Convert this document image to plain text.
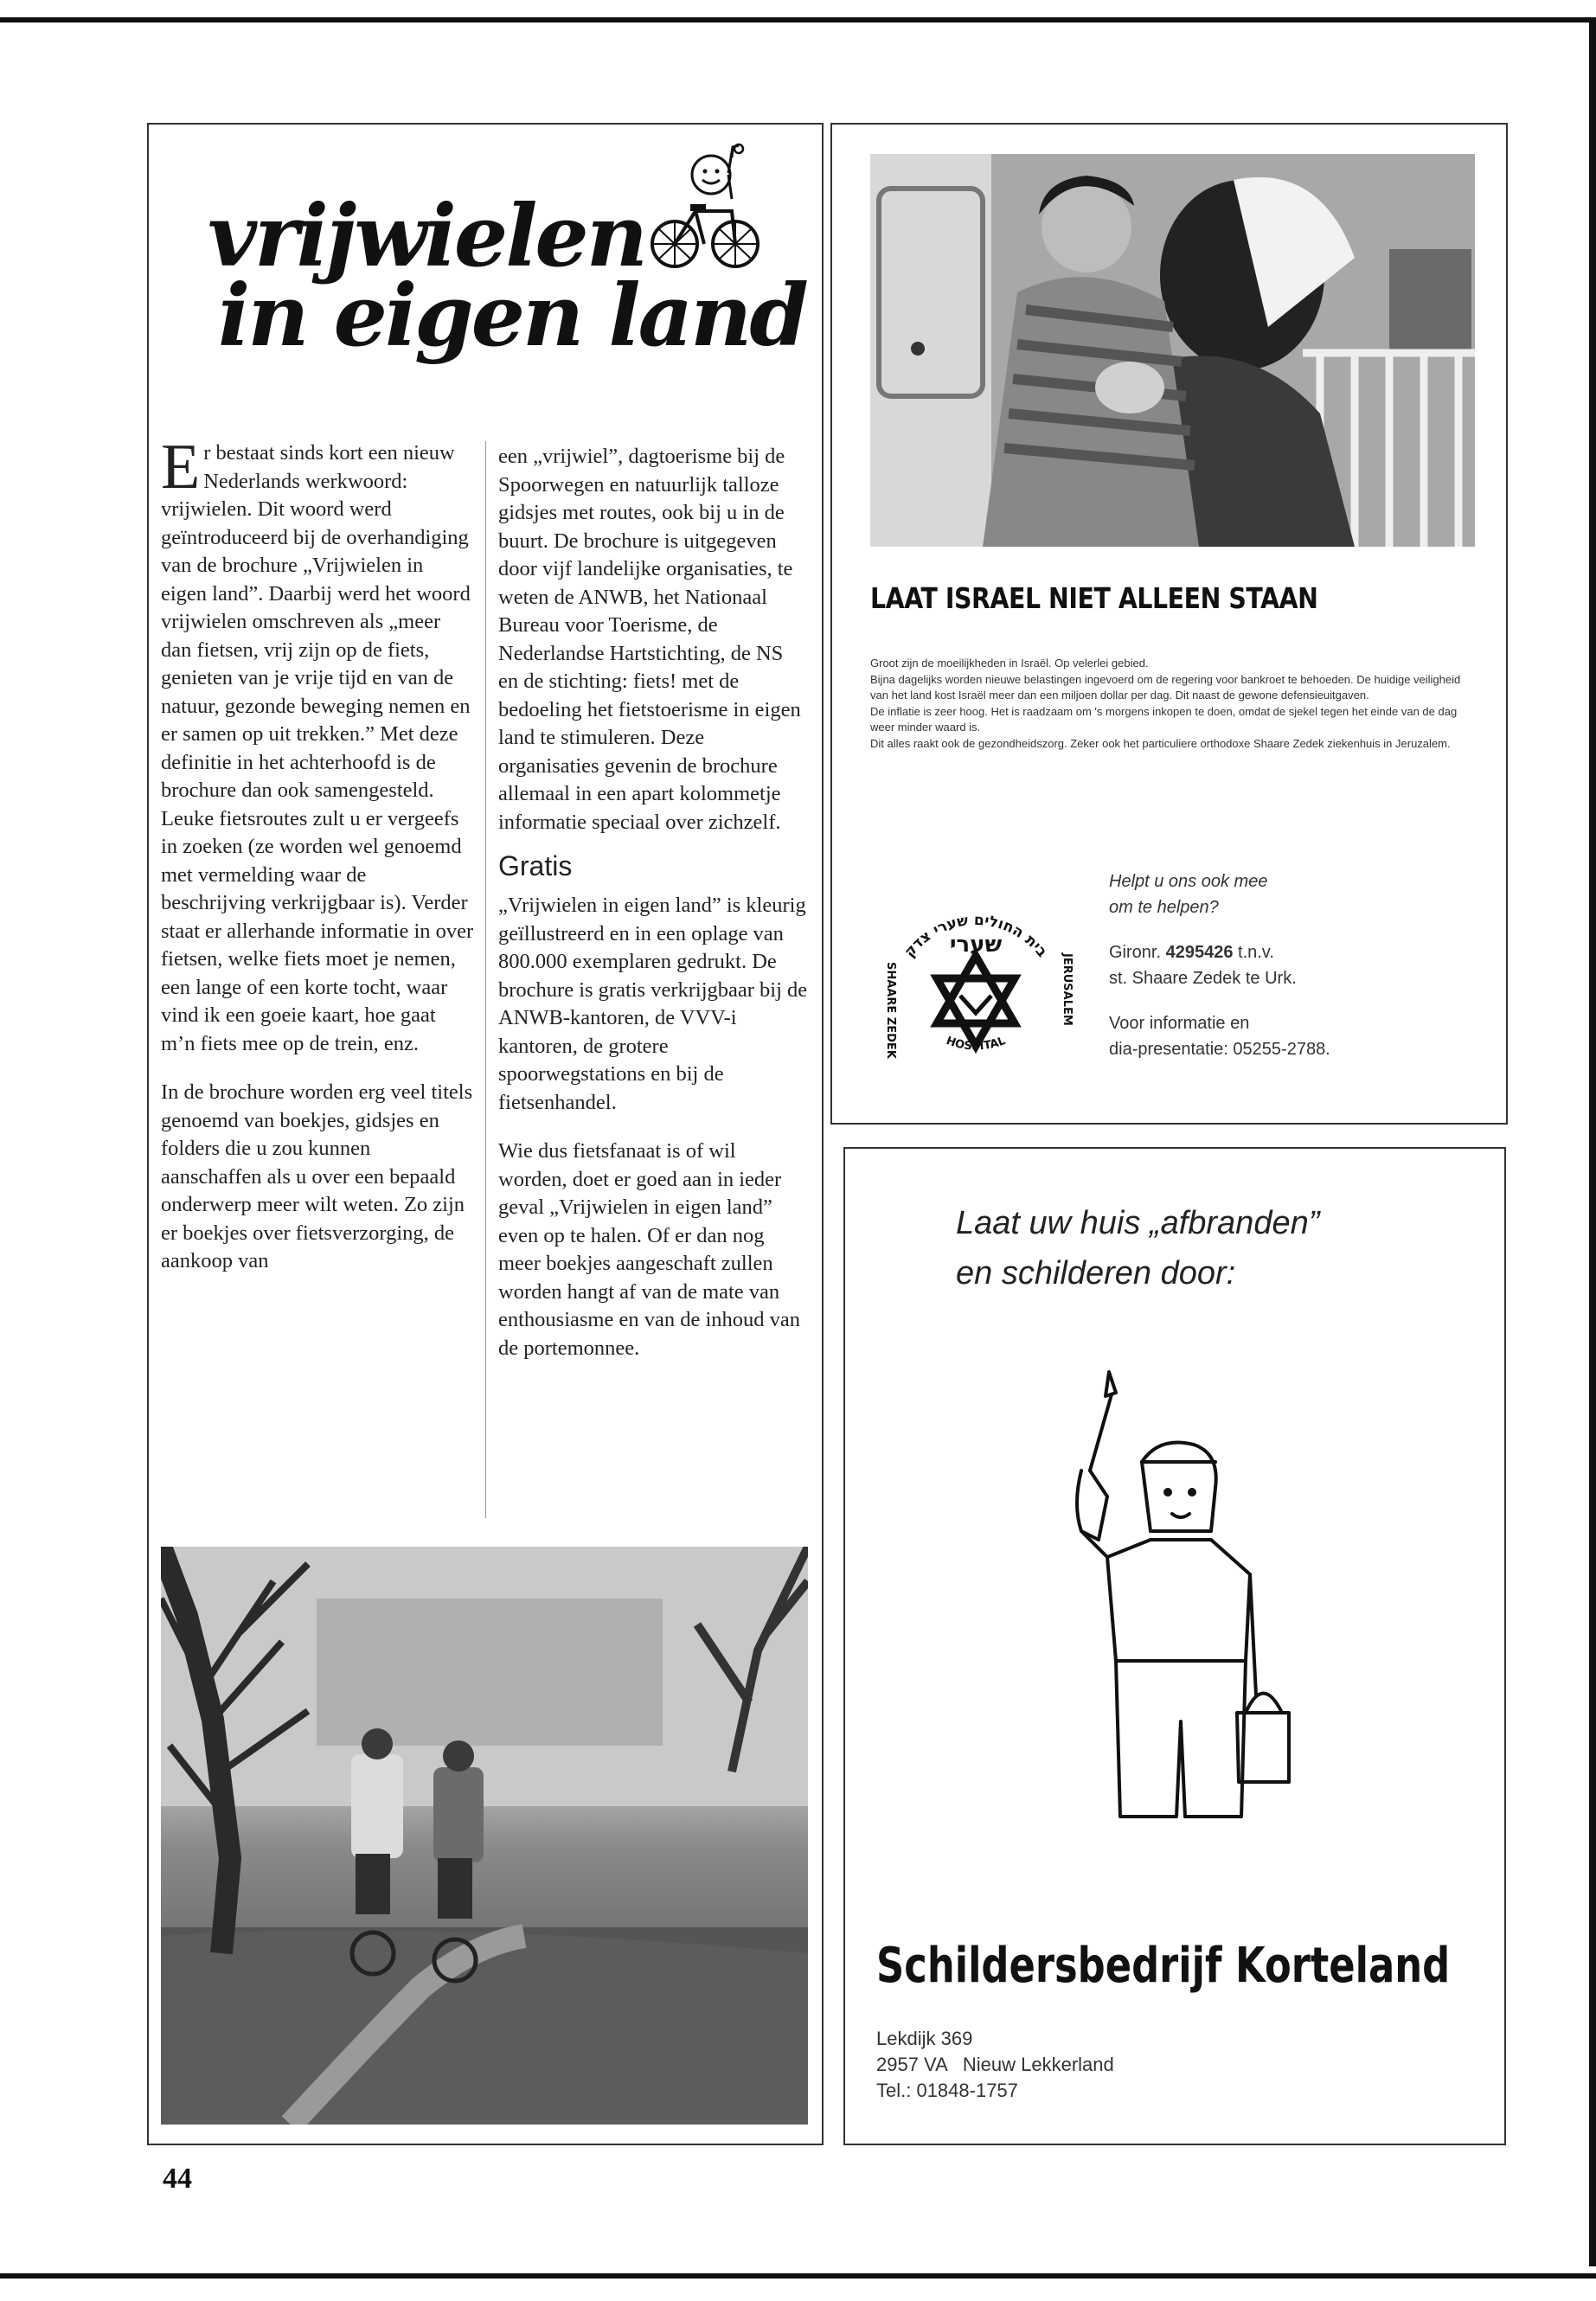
vrijwielen
in eigen land

Er bestaat sinds kort een nieuw Nederlands werkwoord: vrijwielen. Dit woord werd geïntroduceerd bij de overhandiging van de brochure „Vrijwielen in eigen land”. Daarbij werd het woord vrijwielen omschreven als „meer dan fietsen, vrij zijn op de fiets, genieten van je vrije tijd en van de natuur, gezonde beweging nemen en er samen op uit trekken.” Met deze definitie in het achterhoofd is de brochure dan ook samengesteld.

Leuke fietsroutes zult u er vergeefs in zoeken (ze worden wel genoemd met vermelding waar de beschrijving verkrijgbaar is). Verder staat er allerhande informatie in over fietsen, welke fiets moet je nemen, een lange of een korte tocht, waar vind ik een goeie kaart, hoe gaat m’n fiets mee op de trein, enz.

In de brochure worden erg veel titels genoemd van boekjes, gidsjes en folders die u zou kunnen aanschaffen als u over een bepaald onderwerp meer wilt weten. Zo zijn er boekjes over fietsverzorging, de aankoop van

een „vrijwiel”, dagtoerisme bij de Spoorwegen en natuurlijk talloze gidsjes met routes, ook bij u in de buurt. De brochure is uitgegeven door vijf landelijke organisaties, te weten de ANWB, het Nationaal Bureau voor Toerisme, de Nederlandse Hartstichting, de NS en de stichting: fiets! met de bedoeling het fietstoerisme in eigen land te stimuleren. Deze organisaties gevenin de brochure allemaal in een apart kolommetje informatie speciaal over zichzelf.

Gratis

„Vrijwielen in eigen land” is kleurig geïllustreerd en in een oplage van 800.000 exemplaren gedrukt. De brochure is gratis verkrijgbaar bij de ANWB-kantoren, de VVV-i kantoren, de grotere spoorwegstations en bij de fietsenhandel.

Wie dus fietsfanaat is of wil worden, doet er goed aan in ieder geval „Vrijwielen in eigen land” even op te halen. Of er dan nog meer boekjes aangeschaft zullen worden hangt af van de mate van enthousiasme en van de inhoud van de portemonnee.

LAAT ISRAEL NIET ALLEEN STAAN

Groot zijn de moeilijkheden in Israël. Op velerlei gebied.

Bijna dagelijks worden nieuwe belastingen ingevoerd om de regering voor bankroet te behoeden. De huidige veiligheid van het land kost Israël meer dan een miljoen dollar per dag. Dit naast de gewone defensieuitgaven.

De inflatie is zeer hoog. Het is raadzaam om 's morgens inkopen te doen, omdat de sjekel tegen het einde van de dag weer minder waard is.

Dit alles raakt ook de gezondheidszorg. Zeker ook het particuliere orthodoxe Shaare Zedek ziekenhuis in Jeruzalem.

בית החולים שערי צדק
שערי
SHAARE ZEDEK	JERUSALEM
HOSPITAL
Helpt u ons ook mee
om te helpen?
Gironr. 4295426 t.n.v.
st. Shaare Zedek te Urk.
Voor informatie en
dia-presentatie: 05255-2788.
Laat uw huis „afbranden”
en schilderen door:
Schildersbedrijf Korteland
Lekdijk 369
2957 VA   Nieuw Lekkerland
Tel.: 01848-1757
44
